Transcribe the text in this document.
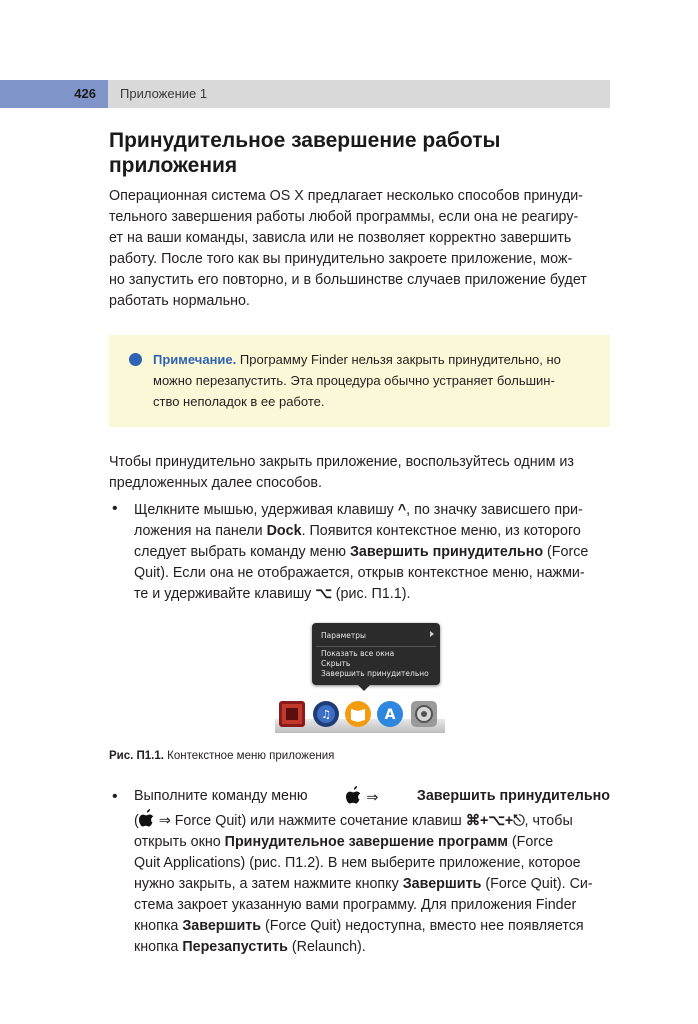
426 Приложение 1
Принудительное завершение работы
приложения
Операционная система OS X предлагает несколько способов принуди-
тельного завершения работы любой программы, если она не реагиру-
ет на ваши команды, зависла или не позволяет корректно завершить
работу. После того как вы принудительно закроете приложение, мож-
но запустить его повторно, и в большинстве случаев приложение будет
работать нормально.
Примечание. Программу Finder нельзя закрыть принудительно, но
можно перезапустить. Эта процедура обычно устраняет большин-
ство неполадок в ее работе.
Чтобы принудительно закрыть приложение, воспользуйтесь одним из
предложенных далее способов.
• Щелкните мышью, удерживая клавишу ^, по значку зависшего при-
ложения на панели Dock. Появится контекстное меню, из которого
следует выбрать команду меню Завершить принудительно (Force
Quit). Если она не отображается, открыв контекстное меню, нажми-
те и удерживайте клавишу ⌥ (рис. П1.1).
Параметры
Показать все окна
Скрыть
Завершить принудительно
♫	A
Рис. П1.1. Контекстное меню приложения
• Выполните команду меню	⇒	Завершить принудительно
( ⇒ Force Quit) или нажмите сочетание клавиш ⌘+⌥+⎋, чтобы
открыть окно Принудительное завершение программ (Force
Quit Applications) (рис. П1.2). В нем выберите приложение, которое
нужно закрыть, а затем нажмите кнопку Завершить (Force Quit). Си-
стема закроет указанную вами программу. Для приложения Finder
кнопка Завершить (Force Quit) недоступна, вместо нее появляется
кнопка Перезапустить (Relaunch).
